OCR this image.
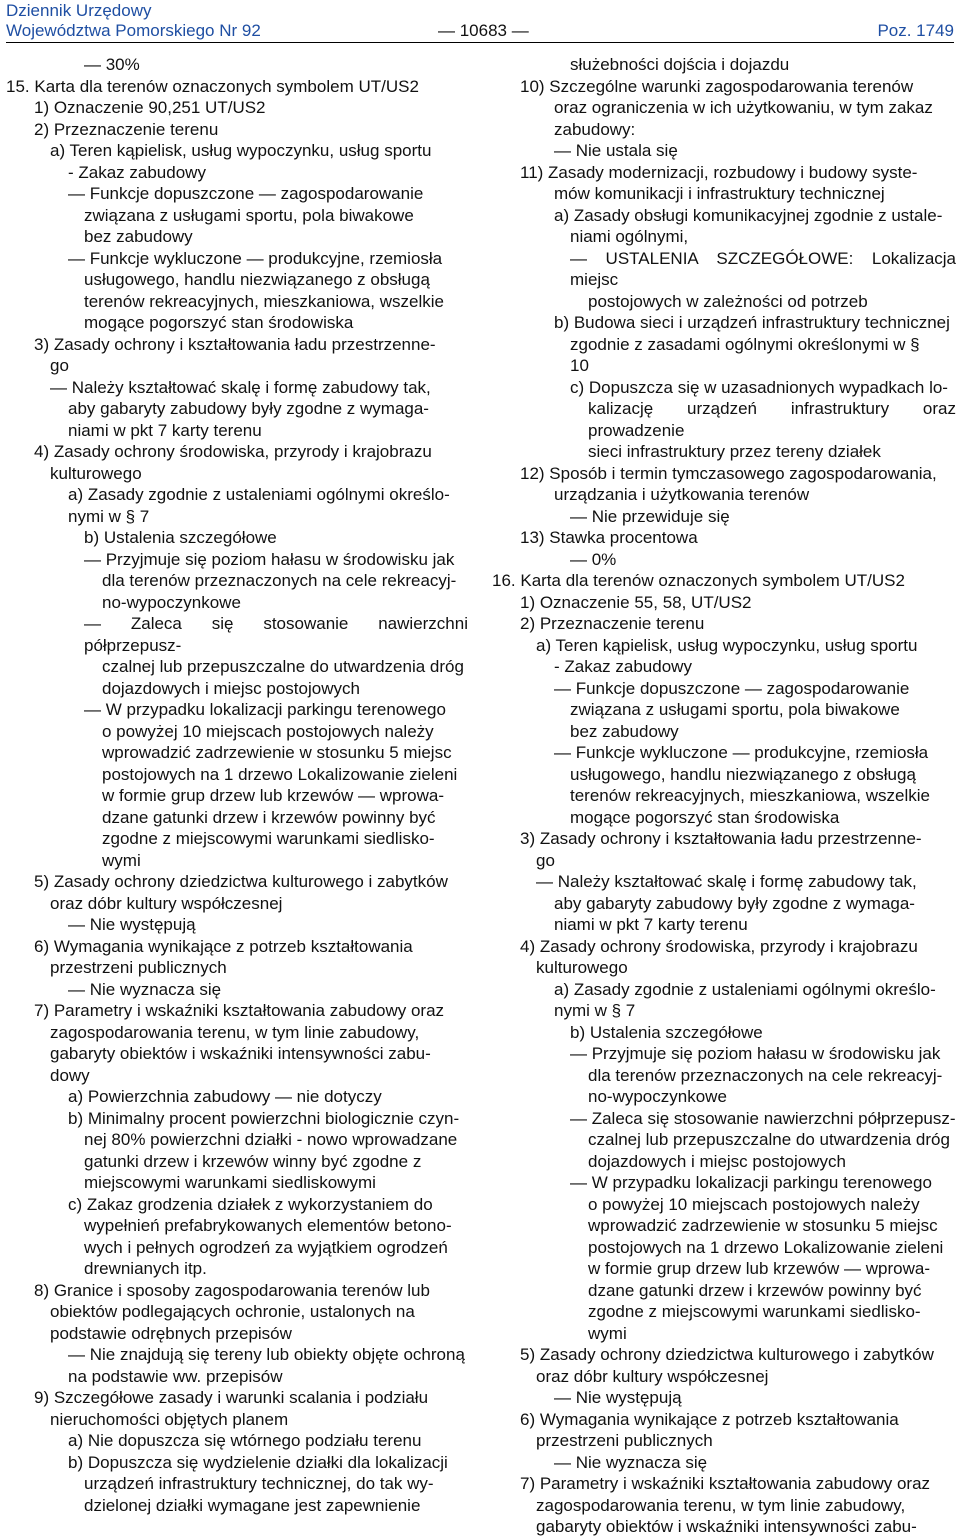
Dziennik Urzędowy
Województwa Pomorskiego Nr 92	— 10683 —	Poz. 1749
— 30%
15. Karta dla terenów oznaczonych symbolem UT/US2
1) Oznaczenie 90,251 UT/US2
2) Przeznaczenie terenu
a) Teren kąpielisk, usług wypoczynku, usług sportu
- Zakaz zabudowy
— Funkcje dopuszczone — zagospodarowanie
związana z usługami sportu, pola biwakowe
bez zabudowy
— Funkcje wykluczone — produkcyjne, rzemiosła
usługowego, handlu niezwiązanego z obsługą
terenów rekreacyjnych, mieszkaniowa, wszelkie
mogące pogorszyć stan środowiska
3) Zasady ochrony i kształtowania ładu przestrzenne-
go
— Należy kształtować skalę i formę zabudowy tak,
aby gabaryty zabudowy były zgodne z wymaga-
niami w pkt 7 karty terenu
4) Zasady ochrony środowiska, przyrody i krajobrazu
kulturowego
a) Zasady zgodnie z ustaleniami ogólnymi określo-
nymi w § 7
b) Ustalenia szczegółowe
— Przyjmuje się poziom hałasu w środowisku jak
dla terenów przeznaczonych na cele rekreacyj-
no-wypoczynkowe
— Zaleca się stosowanie nawierzchni półprzepusz-
czalnej lub przepuszczalne do utwardzenia dróg
dojazdowych i miejsc postojowych
— W przypadku lokalizacji parkingu terenowego
o powyżej 10 miejscach postojowych należy
wprowadzić zadrzewienie w stosunku 5 miejsc
postojowych na 1 drzewo Lokalizowanie zieleni
w formie grup drzew lub krzewów — wprowa-
dzane gatunki drzew i krzewów powinny być
zgodne z miejscowymi warunkami siedlisko-
wymi
5) Zasady ochrony dziedzictwa kulturowego i zabytków
oraz dóbr kultury współczesnej
— Nie występują
6) Wymagania wynikające z potrzeb kształtowania
przestrzeni publicznych
— Nie wyznacza się
7) Parametry i wskaźniki kształtowania zabudowy oraz
zagospodarowania terenu, w tym linie zabudowy,
gabaryty obiektów i wskaźniki intensywności zabu-
dowy
a) Powierzchnia zabudowy — nie dotyczy
b) Minimalny procent powierzchni biologicznie czyn-
nej 80% powierzchni działki - nowo wprowadzane
gatunki drzew i krzewów winny być zgodne z
miejscowymi warunkami siedliskowymi
c) Zakaz grodzenia działek z wykorzystaniem do
wypełnień prefabrykowanych elementów betono-
wych i pełnych ogrodzeń za wyjątkiem ogrodzeń
drewnianych itp.
8) Granice i sposoby zagospodarowania terenów lub
obiektów podlegających ochronie, ustalonych na
podstawie odrębnych przepisów
— Nie znajdują się tereny lub obiekty objęte ochroną
na podstawie ww. przepisów
9) Szczegółowe zasady i warunki scalania i podziału
nieruchomości objętych planem
a) Nie dopuszcza się wtórnego podziału terenu
b) Dopuszcza się wydzielenie działki dla lokalizacji
urządzeń infrastruktury technicznej, do tak wy-
dzielonej działki wymagane jest zapewnienie
służebności dojścia i dojazdu
10) Szczególne warunki zagospodarowania terenów
oraz ograniczenia w ich użytkowaniu, w tym zakaz
zabudowy:
— Nie ustala się
11) Zasady modernizacji, rozbudowy i budowy syste-
mów komunikacji i infrastruktury technicznej
a) Zasady obsługi komunikacyjnej zgodnie z ustale-
niami ogólnymi,
— USTALENIA SZCZEGÓŁOWE: Lokalizacja miejsc
postojowych w zależności od potrzeb
b) Budowa sieci i urządzeń infrastruktury technicznej
zgodnie z zasadami ogólnymi określonymi w §
10
c) Dopuszcza się w uzasadnionych wypadkach lo-
kalizację urządzeń infrastruktury oraz prowadzenie
sieci infrastruktury przez tereny działek
12) Sposób i termin tymczasowego zagospodarowania,
urządzania i użytkowania terenów
— Nie przewiduje się
13) Stawka procentowa
— 0%
16. Karta dla terenów oznaczonych symbolem UT/US2
1) Oznaczenie 55, 58, UT/US2
2) Przeznaczenie terenu
a) Teren kąpielisk, usług wypoczynku, usług sportu
- Zakaz zabudowy
— Funkcje dopuszczone — zagospodarowanie
związana z usługami sportu, pola biwakowe
bez zabudowy
— Funkcje wykluczone — produkcyjne, rzemiosła
usługowego, handlu niezwiązanego z obsługą
terenów rekreacyjnych, mieszkaniowa, wszelkie
mogące pogorszyć stan środowiska
3) Zasady ochrony i kształtowania ładu przestrzenne-
go
— Należy kształtować skalę i formę zabudowy tak,
aby gabaryty zabudowy były zgodne z wymaga-
niami w pkt 7 karty terenu
4) Zasady ochrony środowiska, przyrody i krajobrazu
kulturowego
a) Zasady zgodnie z ustaleniami ogólnymi określo-
nymi w § 7
b) Ustalenia szczegółowe
— Przyjmuje się poziom hałasu w środowisku jak
dla terenów przeznaczonych na cele rekreacyj-
no-wypoczynkowe
— Zaleca się stosowanie nawierzchni półprzepusz-
czalnej lub przepuszczalne do utwardzenia dróg
dojazdowych i miejsc postojowych
— W przypadku lokalizacji parkingu terenowego
o powyżej 10 miejscach postojowych należy
wprowadzić zadrzewienie w stosunku 5 miejsc
postojowych na 1 drzewo Lokalizowanie zieleni
w formie grup drzew lub krzewów — wprowa-
dzane gatunki drzew i krzewów powinny być
zgodne z miejscowymi warunkami siedlisko-
wymi
5) Zasady ochrony dziedzictwa kulturowego i zabytków
oraz dóbr kultury współczesnej
— Nie występują
6) Wymagania wynikające z potrzeb kształtowania
przestrzeni publicznych
— Nie wyznacza się
7) Parametry i wskaźniki kształtowania zabudowy oraz
zagospodarowania terenu, w tym linie zabudowy,
gabaryty obiektów i wskaźniki intensywności zabu-
